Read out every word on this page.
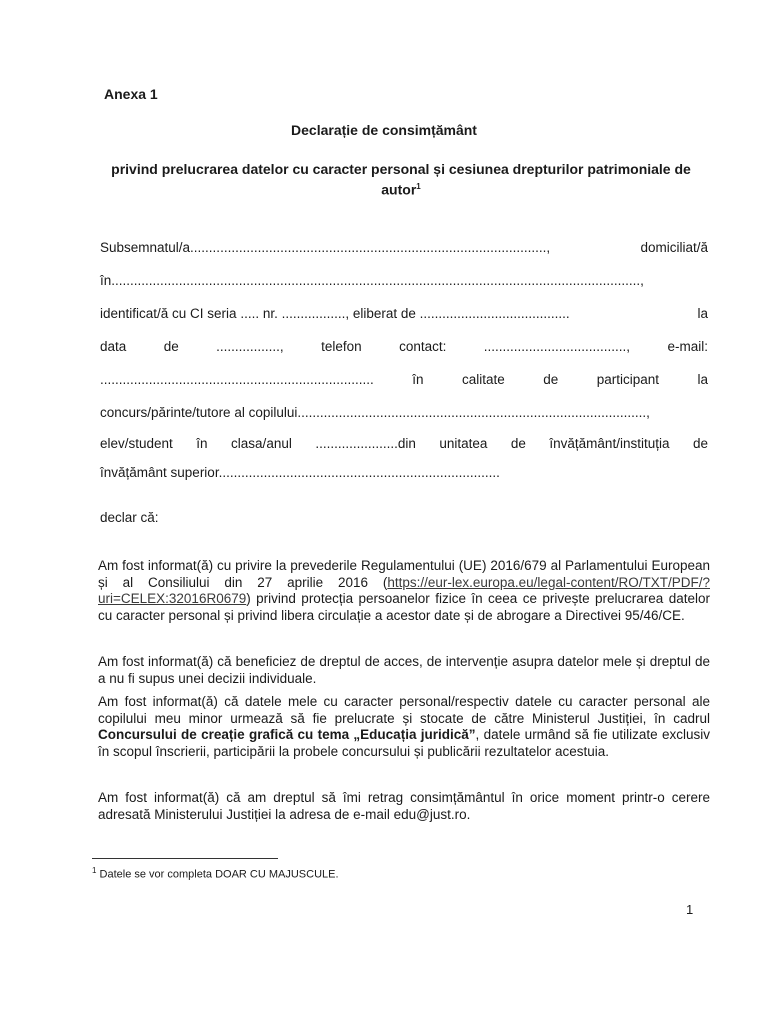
Anexa 1
Declarație de consimțământ
privind prelucrarea datelor cu caracter personal și cesiunea drepturilor patrimoniale de autor$^1$
Subsemnatul/a...............................................................................................,	domiciliat/ă
în.............................................................................................................................................,
identificat/ă cu CI seria ..... nr. ................., eliberat de ........................................	la
data	de	.................,	telefon	contact:	......................................,	e-mail:
.........................................................................	în	calitate	de	participant	la
concurs/părinte/tutore al copilului.............................................................................................,
elev/student în clasa/anul ......................din unitatea de învățământ/instituția de
învățământ superior...........................................................................
declar că:
Am fost informat(ă) cu privire la prevederile Regulamentului (UE) 2016/679 al Parlamentului European și al Consiliului din 27 aprilie 2016 (https://eur-lex.europa.eu/legal-content/RO/TXT/PDF/?uri=CELEX:32016R0679) privind protecția persoanelor fizice în ceea ce privește prelucrarea datelor cu caracter personal și privind libera circulație a acestor date și de abrogare a Directivei 95/46/CE.
Am fost informat(ă) că beneficiez de dreptul de acces, de intervenție asupra datelor mele și dreptul de a nu fi supus unei decizii individuale.
Am fost informat(ă) că datele mele cu caracter personal/respectiv datele cu caracter personal ale copilului meu minor urmează să fie prelucrate și stocate de către Ministerul Justiției, în cadrul Concursului de creație grafică cu tema „Educația juridică”, datele urmând să fie utilizate exclusiv în scopul înscrierii, participării la probele concursului și publicării rezultatelor acestuia.
Am fost informat(ă) că am dreptul să îmi retrag consimțământul în orice moment printr-o cerere adresată Ministerului Justiției la adresa de e-mail edu@just.ro.
$^1$ Datele se vor completa DOAR CU MAJUSCULE.
1
